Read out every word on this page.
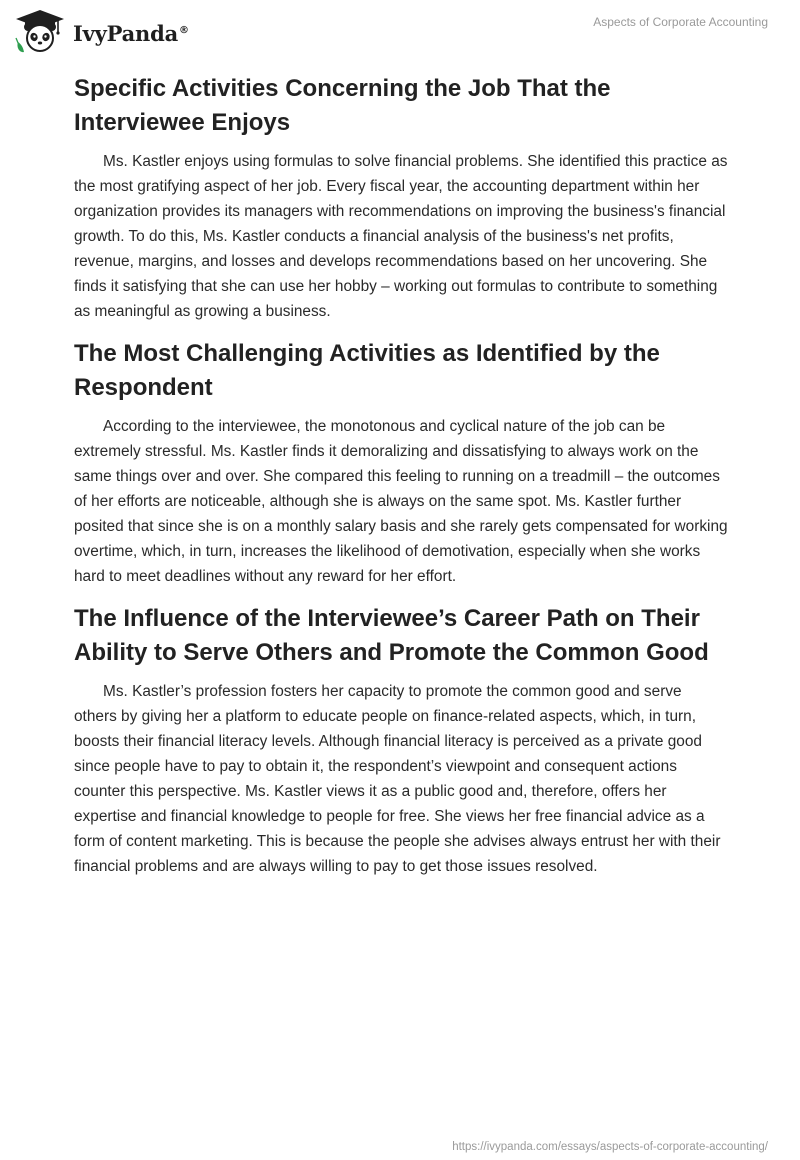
IvyPanda®
Aspects of Corporate Accounting
Specific Activities Concerning the Job That the Interviewee Enjoys

Ms. Kastler enjoys using formulas to solve financial problems. She identified this practice as the most gratifying aspect of her job. Every fiscal year, the accounting department within her organization provides its managers with recommendations on improving the business's financial growth. To do this, Ms. Kastler conducts a financial analysis of the business's net profits, revenue, margins, and losses and develops recommendations based on her uncovering. She finds it satisfying that she can use her hobby – working out formulas to contribute to something as meaningful as growing a business.

The Most Challenging Activities as Identified by the Respondent

According to the interviewee, the monotonous and cyclical nature of the job can be extremely stressful. Ms. Kastler finds it demoralizing and dissatisfying to always work on the same things over and over. She compared this feeling to running on a treadmill – the outcomes of her efforts are noticeable, although she is always on the same spot. Ms. Kastler further posited that since she is on a monthly salary basis and she rarely gets compensated for working overtime, which, in turn, increases the likelihood of demotivation, especially when she works hard to meet deadlines without any reward for her effort.

The Influence of the Interviewee’s Career Path on Their Ability to Serve Others and Promote the Common Good

Ms. Kastler’s profession fosters her capacity to promote the common good and serve others by giving her a platform to educate people on finance-related aspects, which, in turn, boosts their financial literacy levels. Although financial literacy is perceived as a private good since people have to pay to obtain it, the respondent’s viewpoint and consequent actions counter this perspective. Ms. Kastler views it as a public good and, therefore, offers her expertise and financial knowledge to people for free. She views her free financial advice as a form of content marketing. This is because the people she advises always entrust her with their financial problems and are always willing to pay to get those issues resolved.

https://ivypanda.com/essays/aspects-of-corporate-accounting/
